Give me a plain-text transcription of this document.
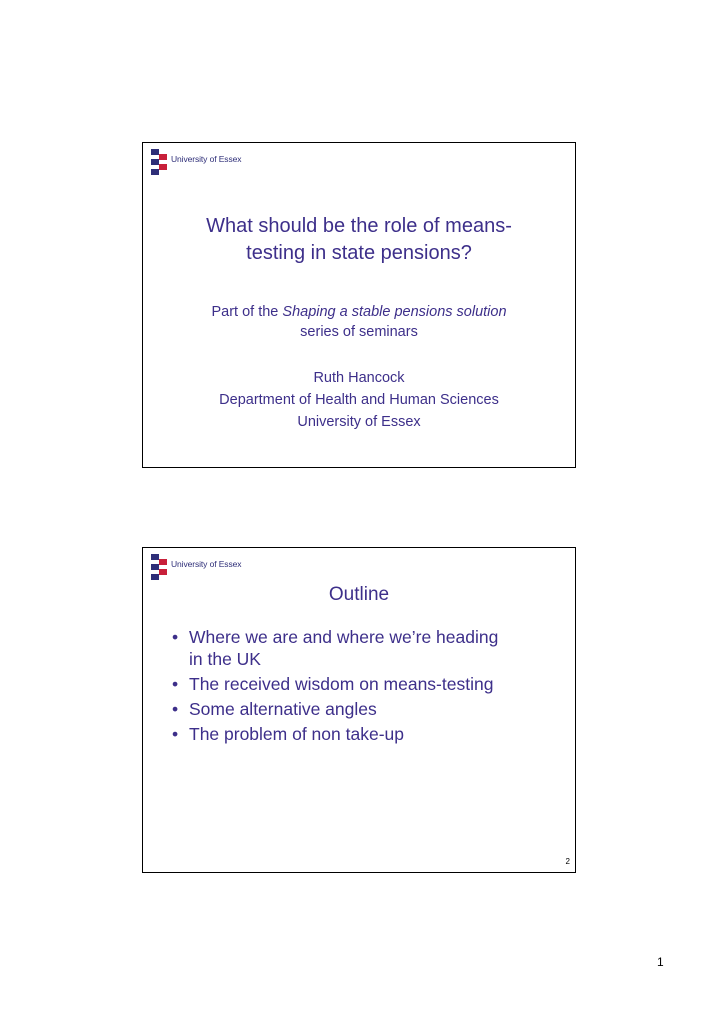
University of Essex
What should be the role of means-
testing in state pensions?
Part of the Shaping a stable pensions solution
series of seminars
Ruth Hancock
Department of Health and Human Sciences
University of Essex
University of Essex
Outline
• Where we are and where we’re heading
in the UK
• The received wisdom on means-testing
• Some alternative angles
• The problem of non take-up
2
1
